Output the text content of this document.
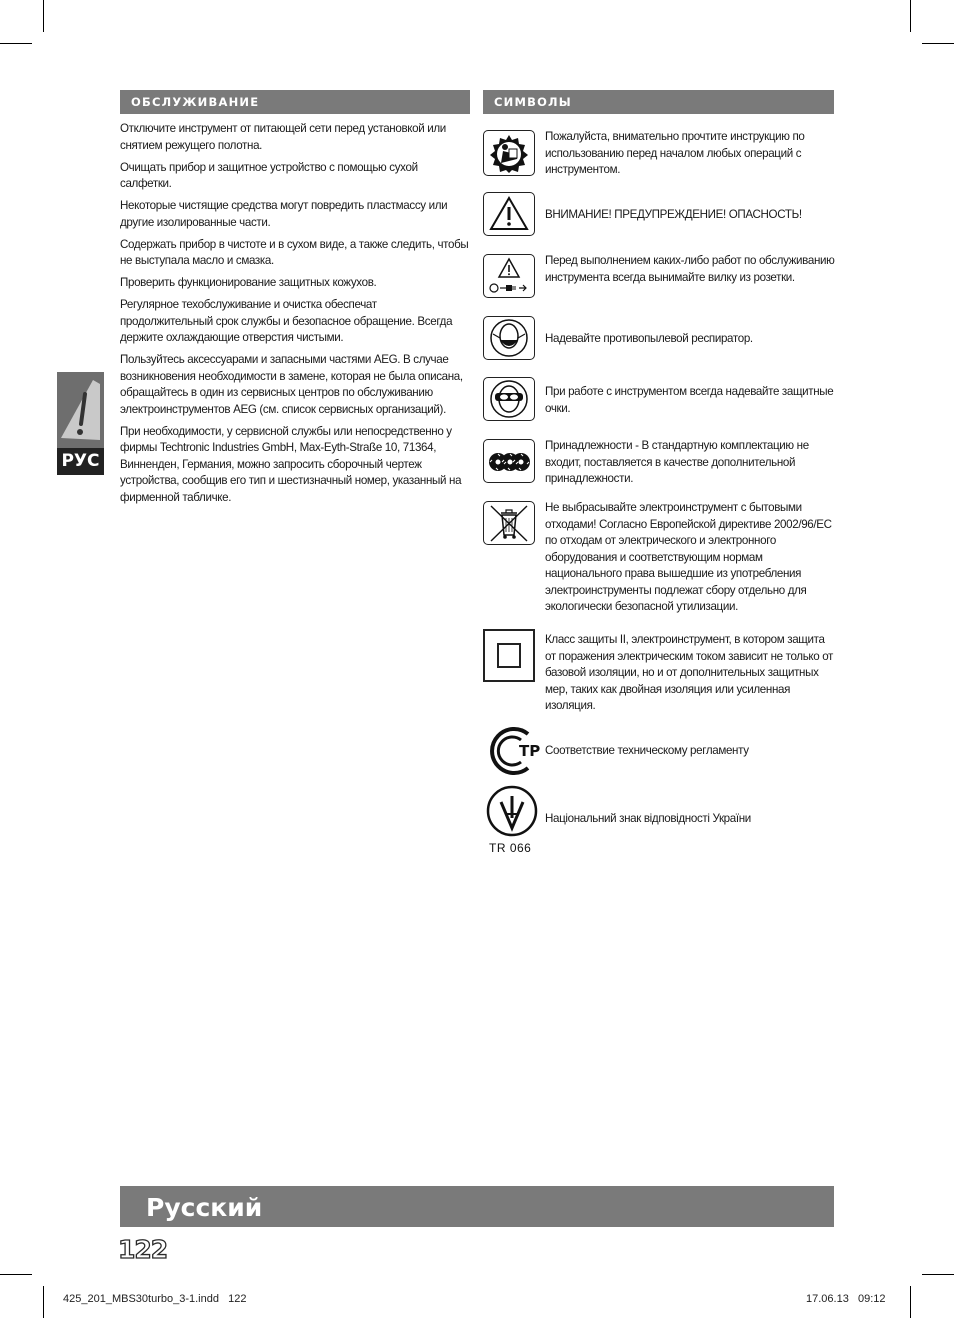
ОБСЛУЖИВАНИЕ	СИМВОЛЫ

Отключите инструмент от питающей сети перед установкой или снятием режущего полотна.

Очищать прибор и защитное устройство с помощью сухой салфетки.

Некоторые чистящие средства могут повредить пластмассу или другие изолированные части.

Содержать прибор в чистоте и в сухом виде, а также следить, чтобы не выступала масло и смазка.

Проверить функционирование защитных кожухов.

Регулярное техобслуживание и очистка обеспечат продолжительный срок службы и безопасное обращение. Всегда держите охлаждающие отверстия чистыми.

Пользуйтесь аксессуарами и запасными частями AEG. В случае возникновения необходимости в замене, которая не была описана, обращайтесь в один из сервисных центров по обслуживанию электроинструментов AEG (см. список сервисных организаций).

При необходимости, у сервисной службы или непосредственно у фирмы Techtronic Industries GmbH, Max-Eyth-Straße 10, 71364, Винненден, Германия, можно запросить сборочный чертеж устройства, сообщив его тип и шестизначный номер, указанный на фирменной табличке.

РУС
ТР
TR 066
Пожалуйста, внимательно прочтите инструкцию по использованию перед началом любых операций с инструментом.
ВНИМАНИЕ! ПРЕДУПРЕЖДЕНИЕ! ОПАСНОСТЬ!
Перед выполнением каких-либо работ по обслуживанию инструмента всегда вынимайте вилку из розетки.
Надевайте противопылевой респиратор.
При работе с инструментом всегда надевайте защитные очки.
Принадлежности - В стандартную комплектацию не входит, поставляется в качестве дополнительной принадлежности.
Не выбрасывайте электроинструмент с бытовыми отходами! Согласно Европейской директиве 2002/96/ЕС по отходам от электрического и электронного оборудования и соответствующим нормам национального права вышедшие из употребления электроинструменты подлежат сбору отдельно для экологически безопасной утилизации.
Класс защиты II, электроинструмент, в котором защита от поражения электрическим током зависит не только от базовой изоляции, но и от дополнительных защитных мер, таких как двойная изоляция или усиленная изоляция.
Соответствие техническому регламенту
Національний знак відповідності України
Русский
122
425_201_MBS30turbo_3-1.indd   122	17.06.13   09:12
